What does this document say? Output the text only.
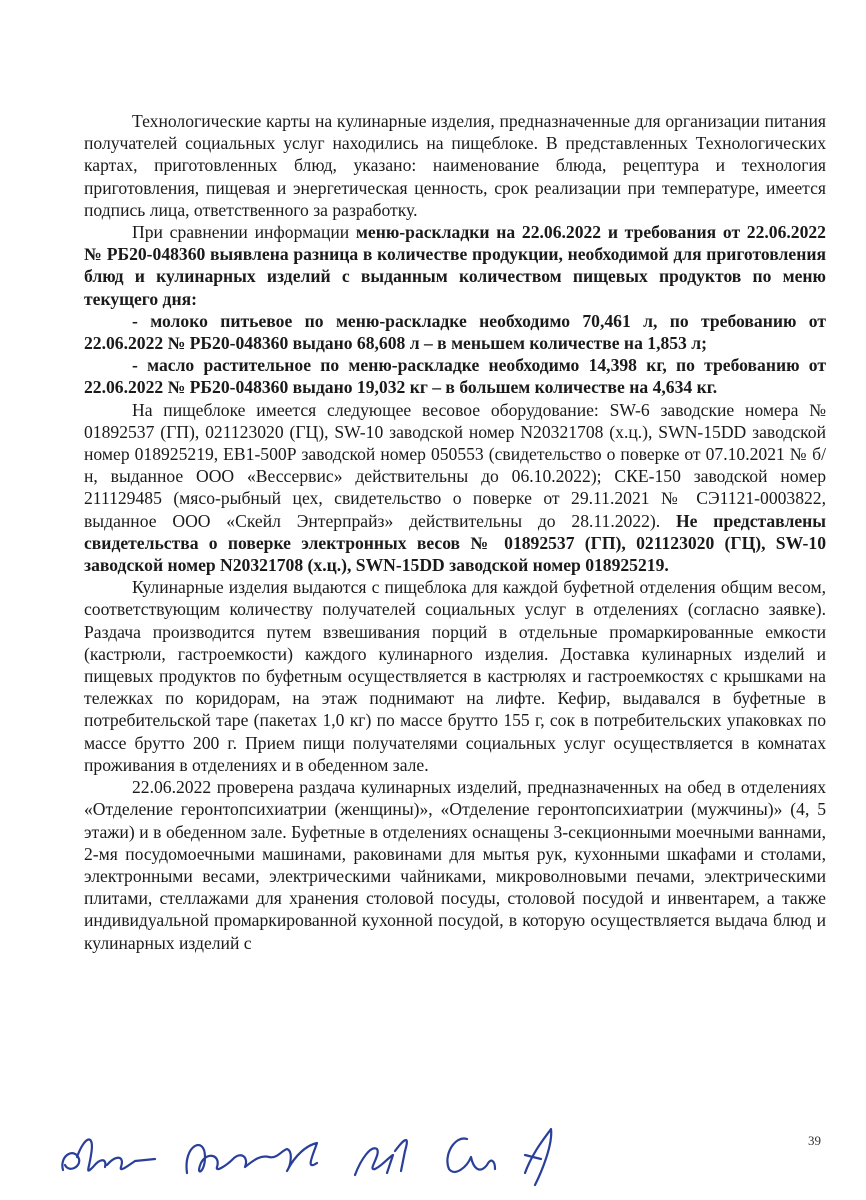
Технологические карты на кулинарные изделия, предназначенные для организации питания получателей социальных услуг находились на пищеблоке. В представленных Технологических картах, приготовленных блюд, указано: наименование блюда, рецептура и технология приготовления, пищевая и энергетическая ценность, срок реализации при температуре, имеется подпись лица, ответственного за разработку.

При сравнении информации меню-раскладки на 22.06.2022 и требования от 22.06.2022 № РБ20-048360 выявлена разница в количестве продукции, необходимой для приготовления блюд и кулинарных изделий с выданным количеством пищевых продуктов по меню текущего дня:

- молоко питьевое по меню-раскладке необходимо 70,461 л, по требованию от 22.06.2022 № РБ20-048360 выдано 68,608 л – в меньшем количестве на 1,853 л;

- масло растительное по меню-раскладке необходимо 14,398 кг, по требованию от 22.06.2022 № РБ20-048360 выдано 19,032 кг – в большем количестве на 4,634 кг.

На пищеблоке имеется следующее весовое оборудование: SW-6 заводские номера № 01892537 (ГП), 021123020 (ГЦ), SW-10 заводской номер N20321708 (х.ц.), SWN-15DD заводской номер 018925219, ЕВ1-500Р заводской номер 050553 (свидетельство о поверке от 07.10.2021 № б/н, выданное ООО «Вессервис» действительны до 06.10.2022); СКЕ-150 заводской номер 211129485 (мясо-рыбный цех, свидетельство о поверке от 29.11.2021 № СЭ1121-0003822, выданное ООО «Скейл Энтерпрайз» действительны до 28.11.2022). Не представлены свидетельства о поверке электронных весов № 01892537 (ГП), 021123020 (ГЦ), SW-10 заводской номер N20321708 (х.ц.), SWN-15DD заводской номер 018925219.

Кулинарные изделия выдаются с пищеблока для каждой буфетной отделения общим весом, соответствующим количеству получателей социальных услуг в отделениях (согласно заявке). Раздача производится путем взвешивания порций в отдельные промаркированные емкости (кастрюли, гастроемкости) каждого кулинарного изделия. Доставка кулинарных изделий и пищевых продуктов по буфетным осуществляется в кастрюлях и гастроемкостях с крышками на тележках по коридорам, на этаж поднимают на лифте. Кефир, выдавался в буфетные в потребительской таре (пакетах 1,0 кг) по массе брутто 155 г, сок в потребительских упаковках по массе брутто 200 г. Прием пищи получателями социальных услуг осуществляется в комнатах проживания в отделениях и в обеденном зале.

22.06.2022 проверена раздача кулинарных изделий, предназначенных на обед в отделениях «Отделение геронтопсихиатрии (женщины)», «Отделение геронтопсихиатрии (мужчины)» (4, 5 этажи) и в обеденном зале. Буфетные в отделениях оснащены 3-секционными моечными ваннами, 2-мя посудомоечными машинами, раковинами для мытья рук, кухонными шкафами и столами, электронными весами, электрическими чайниками, микроволновыми печами, электрическими плитами, стеллажами для хранения столовой посуды, столовой посудой и инвентарем, а также индивидуальной промаркированной кухонной посудой, в которую осуществляется выдача блюд и кулинарных изделий с

39
